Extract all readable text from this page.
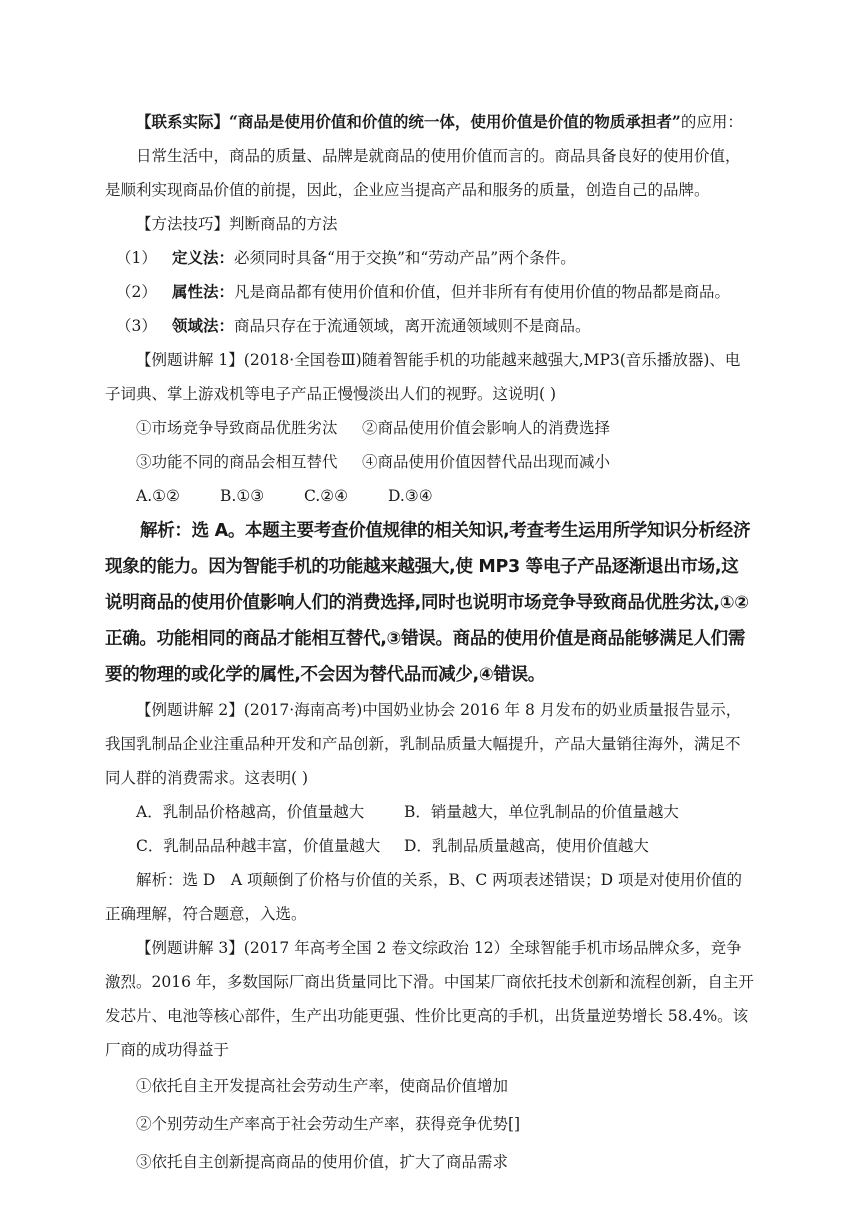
【联系实际】“商品是使用价值和价值的统一体，使用价值是价值的物质承担者”的应用：

日常生活中，商品的质量、品牌是就商品的使用价值而言的。商品具备良好的使用价值，是顺利实现商品价值的前提，因此，企业应当提高产品和服务的质量，创造自己的品牌。

【方法技巧】判断商品的方法

（1） 定义法：必须同时具备“用于交换”和“劳动产品”两个条件。

（2） 属性法：凡是商品都有使用价值和价值，但并非所有有使用价值的物品都是商品。

（3） 领域法：商品只存在于流通领域，离开流通领域则不是商品。

【例题讲解 1】(2018·全国卷Ⅲ)随着智能手机的功能越来越强大,MP3(音乐播放器)、电子词典、掌上游戏机等电子产品正慢慢淡出人们的视野。这说明( )

①市场竞争导致商品优胜劣汰 ②商品使用价值会影响人的消费选择

③功能不同的商品会相互替代 ④商品使用价值因替代品出现而减小

A.①②	B.①③	C.②④	D.③④

解析：选 A。本题主要考查价值规律的相关知识,考查考生运用所学知识分析经济现象的能力。因为智能手机的功能越来越强大,使 MP3 等电子产品逐渐退出市场,这说明商品的使用价值影响人们的消费选择,同时也说明市场竞争导致商品优胜劣汰,①②正确。功能相同的商品才能相互替代,③错误。商品的使用价值是商品能够满足人们需要的物理的或化学的属性,不会因为替代品而减少,④错误。

【例题讲解 2】(2017·海南高考)中国奶业协会 2016 年 8 月发布的奶业质量报告显示，我国乳制品企业注重品种开发和产品创新，乳制品质量大幅提升，产品大量销往海外，满足不同人群的消费需求。这表明( )

A．乳制品价格越高，价值量越大	B．销量越大，单位乳制品的价值量越大

C．乳制品品种越丰富，价值量越大 D．乳制品质量越高，使用价值越大

解析：选 D　A 项颠倒了价格与价值的关系，B、C 两项表述错误；D 项是对使用价值的正确理解，符合题意，入选。

【例题讲解 3】(2017 年高考全国 2 卷文综政治 12）全球智能手机市场品牌众多，竞争激烈。2016 年，多数国际厂商出货量同比下滑。中国某厂商依托技术创新和流程创新，自主开发芯片、电池等核心部件，生产出功能更强、性价比更高的手机，出货量逆势增长 58.4%。该厂商的成功得益于

①依托自主开发提高社会劳动生产率，使商品价值增加

②个别劳动生产率高于社会劳动生产率，获得竞争优势[]

③依托自主创新提高商品的使用价值，扩大了商品需求
